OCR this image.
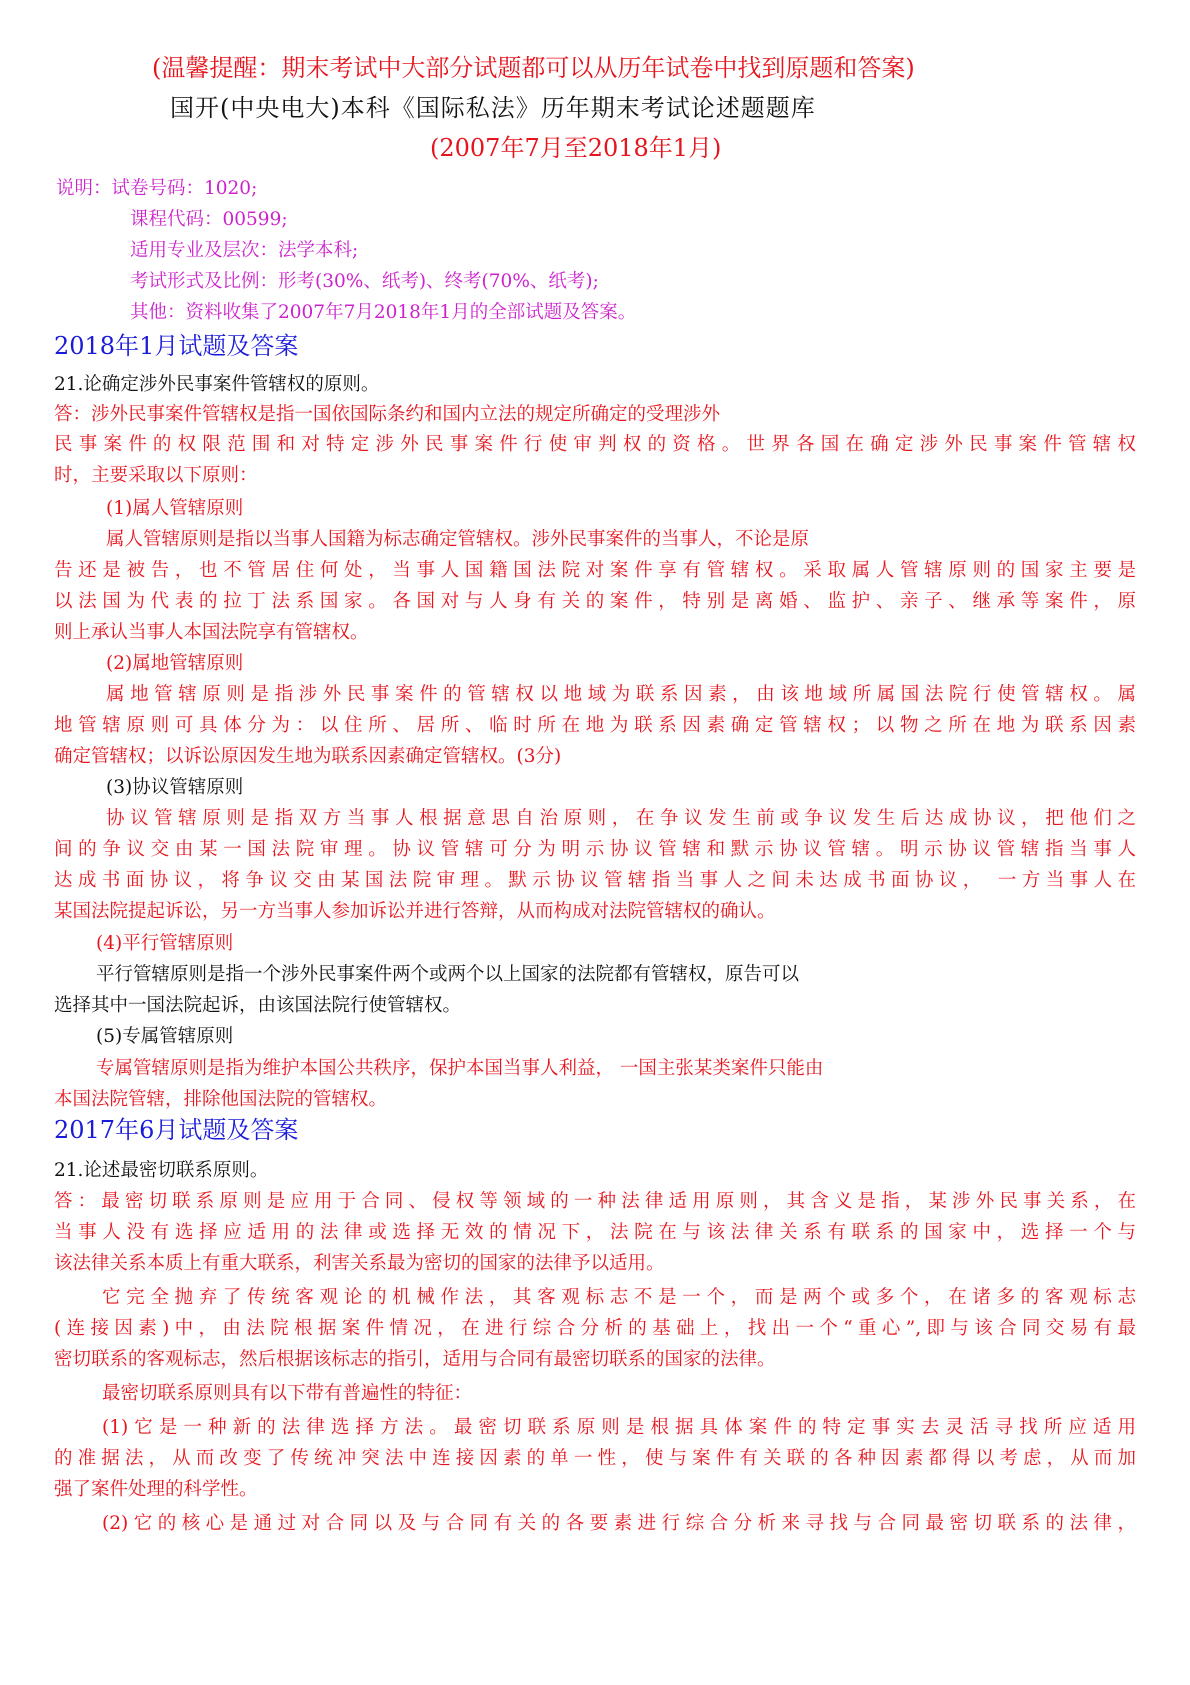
(温馨提醒：期末考试中大部分试题都可以从历年试卷中找到原题和答案)
国开(中央电大)本科《国际私法》历年期末考试论述题题库
(2007年7月至2018年1月)
说明：试卷号码：1020;
课程代码：00599;
适用专业及层次：法学本科;
考试形式及比例：形考(30%、纸考)、终考(70%、纸考);
其他：资料收集了2007年7月2018年1月的全部试题及答案。
2018年1月试题及答案
21.论确定涉外民事案件管辖权的原则。
答：涉外民事案件管辖权是指一国依国际条约和国内立法的规定所确定的受理涉外
民事案件的权限范围和对特定涉外民事案件行使审判权的资格。世界各国在确定涉外民事案件管辖权
时，主要采取以下原则：
(1)属人管辖原则
属人管辖原则是指以当事人国籍为标志确定管辖权。涉外民事案件的当事人，不论是原
告还是被告，也不管居住何处，当事人国籍国法院对案件享有管辖权。采取属人管辖原则的国家主要是
以法国为代表的拉丁法系国家。各国对与人身有关的案件，特别是离婚、监护、亲子、继承等案件，原
则上承认当事人本国法院享有管辖权。
(2)属地管辖原则
属地管辖原则是指涉外民事案件的管辖权以地域为联系因素，由该地域所属国法院行使管辖权。属
地管辖原则可具体分为：以住所、居所、临时所在地为联系因素确定管辖权；以物之所在地为联系因素
确定管辖权；以诉讼原因发生地为联系因素确定管辖权。(3分)
(3)协议管辖原则
协议管辖原则是指双方当事人根据意思自治原则，在争议发生前或争议发生后达成协议，把他们之
间的争议交由某一国法院审理。协议管辖可分为明示协议管辖和默示协议管辖。明示协议管辖指当事人
达成书面协议，将争议交由某国法院审理。默示协议管辖指当事人之间未达成书面协议， 一方当事人在
某国法院提起诉讼，另一方当事人参加诉讼并进行答辩，从而构成对法院管辖权的确认。
(4)平行管辖原则
平行管辖原则是指一个涉外民事案件两个或两个以上国家的法院都有管辖权，原告可以
选择其中一国法院起诉，由该国法院行使管辖权。
(5)专属管辖原则
专属管辖原则是指为维护本国公共秩序，保护本国当事人利益， 一国主张某类案件只能由
本国法院管辖，排除他国法院的管辖权。
2017年6月试题及答案
21.论述最密切联系原则。
答：最密切联系原则是应用于合同、侵权等领域的一种法律适用原则，其含义是指，某涉外民事关系，在
当事人没有选择应适用的法律或选择无效的情况下，法院在与该法律关系有联系的国家中，选择一个与
该法律关系本质上有重大联系，利害关系最为密切的国家的法律予以适用。
它完全抛弃了传统客观论的机械作法，其客观标志不是一个，而是两个或多个，在诸多的客观标志
(连接因素)中，由法院根据案件情况，在进行综合分析的基础上，找出一个“重心”,即与该合同交易有最
密切联系的客观标志，然后根据该标志的指引，适用与合同有最密切联系的国家的法律。
最密切联系原则具有以下带有普遍性的特征：
(1)它是一种新的法律选择方法。最密切联系原则是根据具体案件的特定事实去灵活寻找所应适用
的准据法，从而改变了传统冲突法中连接因素的单一性，使与案件有关联的各种因素都得以考虑，从而加
强了案件处理的科学性。
(2)它的核心是通过对合同以及与合同有关的各要素进行综合分析来寻找与合同最密切联系的法律，
